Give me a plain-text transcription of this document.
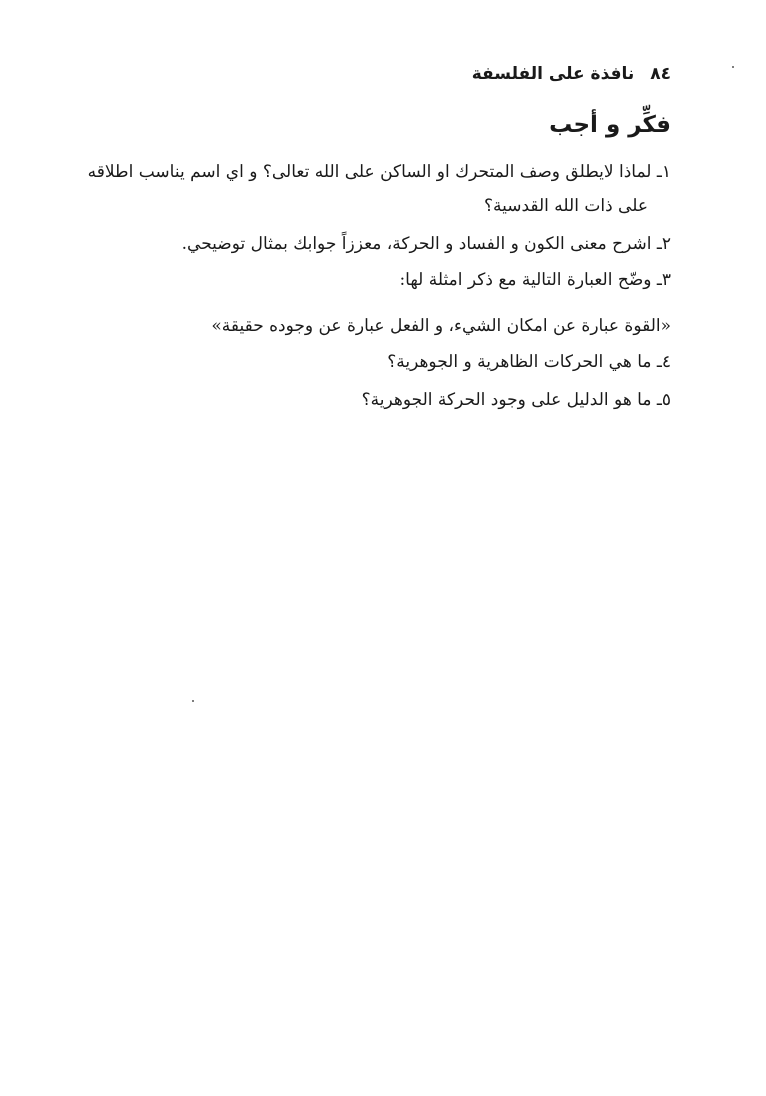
٨٤ نافذة على الفلسفة
فكِّر و أجب
١ـ لماذا لايطلق وصف المتحرك او الساكن على الله تعالى؟ و اي اسم يناسب اطلاقه
على ذات الله القدسية؟
٢ـ اشرح معنى الكون و الفساد و الحركة، معززاً جوابك بمثال توضيحي.
٣ـ وضّح العبارة التالية مع ذكر امثلة لها:
«القوة عبارة عن امكان الشيء، و الفعل عبارة عن وجوده حقيقة»
٤ـ ما هي الحركات الظاهرية و الجوهرية؟
٥ـ ما هو الدليل على وجود الحركة الجوهرية؟
